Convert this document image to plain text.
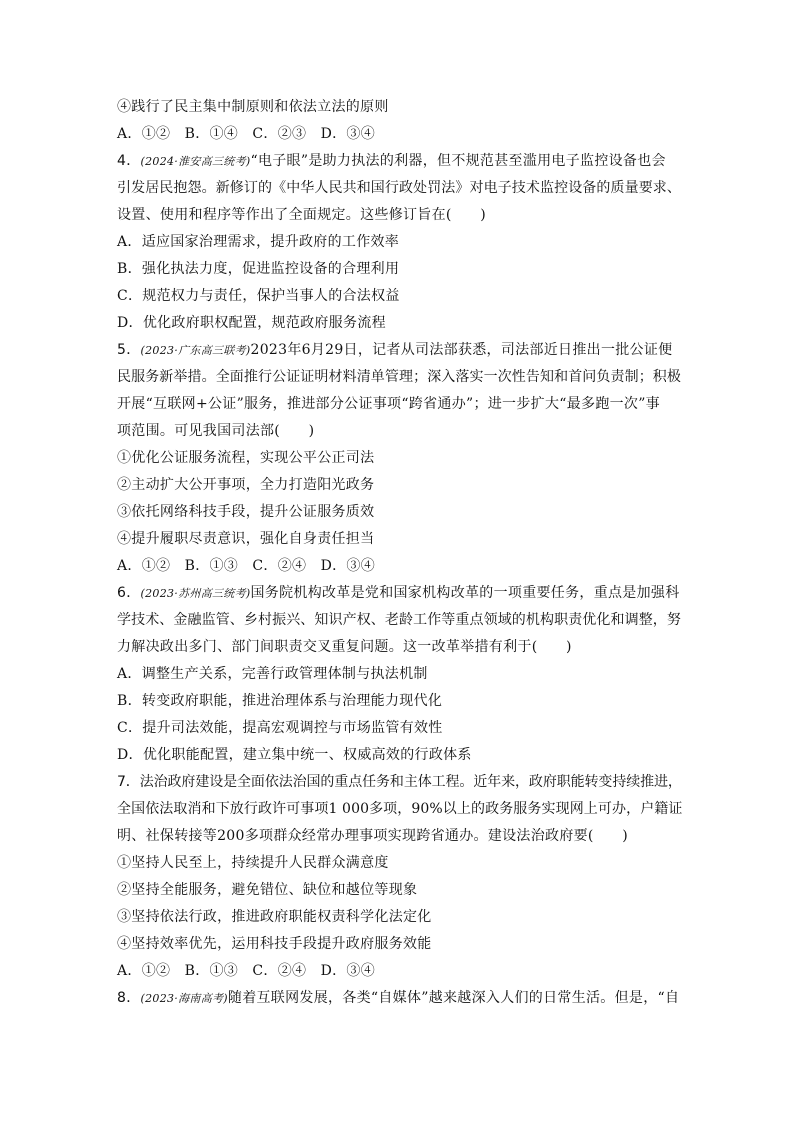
④践行了民主集中制原则和依法立法的原则
A．①②　B．①④　C．②③　D．③④
4．(2024·淮安高三统考)“电子眼”是助力执法的利器，但不规范甚至滥用电子监控设备也会
引发居民抱怨。新修订的《中华人民共和国行政处罚法》对电子技术监控设备的质量要求、
设置、使用和程序等作出了全面规定。这些修订旨在(　　)
A．适应国家治理需求，提升政府的工作效率
B．强化执法力度，促进监控设备的合理利用
C．规范权力与责任，保护当事人的合法权益
D．优化政府职权配置，规范政府服务流程
5．(2023·广东高三联考)2023年6月29日，记者从司法部获悉，司法部近日推出一批公证便
民服务新举措。全面推行公证证明材料清单管理；深入落实一次性告知和首问负责制；积极
开展“互联网+公证”服务，推进部分公证事项“跨省通办”；进一步扩大“最多跑一次”事
项范围。可见我国司法部(　　)
①优化公证服务流程，实现公平公正司法
②主动扩大公开事项，全力打造阳光政务
③依托网络科技手段，提升公证服务质效
④提升履职尽责意识，强化自身责任担当
A．①②　B．①③　C．②④　D．③④
6．(2023·苏州高三统考)国务院机构改革是党和国家机构改革的一项重要任务，重点是加强科
学技术、金融监管、乡村振兴、知识产权、老龄工作等重点领域的机构职责优化和调整，努
力解决政出多门、部门间职责交叉重复问题。这一改革举措有利于(　　)
A．调整生产关系，完善行政管理体制与执法机制
B．转变政府职能，推进治理体系与治理能力现代化
C．提升司法效能，提高宏观调控与市场监管有效性
D．优化职能配置，建立集中统一、权威高效的行政体系
7．法治政府建设是全面依法治国的重点任务和主体工程。近年来，政府职能转变持续推进，
全国依法取消和下放行政许可事项1 000多项，90%以上的政务服务实现网上可办，户籍证
明、社保转接等200多项群众经常办理事项实现跨省通办。建设法治政府要(　　)
①坚持人民至上，持续提升人民群众满意度
②坚持全能服务，避免错位、缺位和越位等现象
③坚持依法行政，推进政府职能权责科学化法定化
④坚持效率优先，运用科技手段提升政府服务效能
A．①②　B．①③　C．②④　D．③④
8．(2023·海南高考)随着互联网发展，各类“自媒体”越来越深入人们的日常生活。但是，“自
